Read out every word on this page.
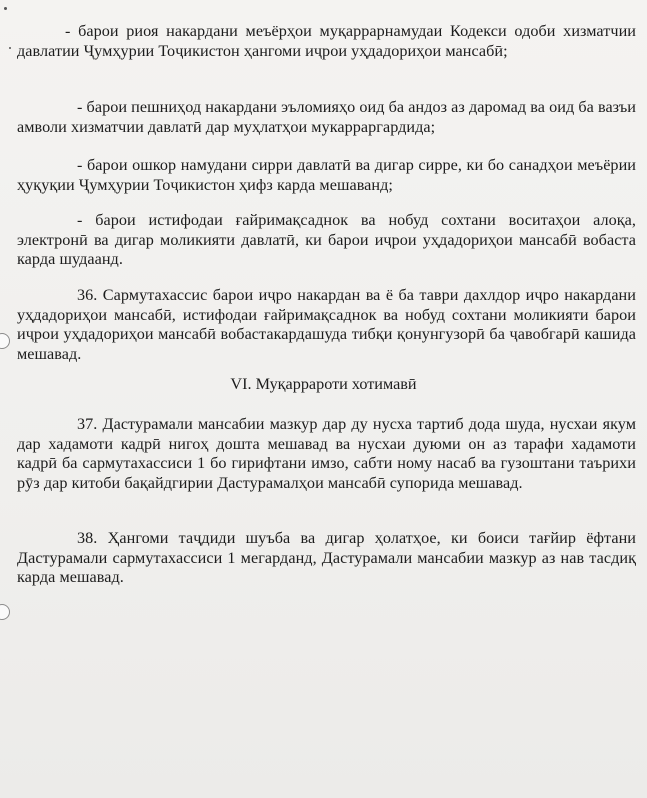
- барои риоя накардани меъёрҳои муқаррарнамудаи Кодекси одоби хизматчии давлатии Ҷумҳурии Тоҷикистон ҳангоми иҷрои уҳдадориҳои мансабӣ;
- барои пешниҳод накардани эъломияҳо оид ба андоз аз даромад ва оид ба вазъи амволи хизматчии давлатӣ дар муҳлатҳои мукарраргардида;
- барои ошкор намудани сирри давлатӣ ва дигар сирре, ки бо санадҳои меъёрии ҳуқуқии Ҷумҳурии Тоҷикистон ҳифз карда мешаванд;
- барои истифодаи ғайримақсаднок ва нобуд сохтани воситаҳои алоқа, электронӣ ва дигар моликияти давлатӣ, ки барои иҷрои уҳдадориҳои мансабӣ вобаста карда шудаанд.
36. Сармутахассис барои иҷро накардан ва ё ба таври дахлдор иҷро накардани уҳдадориҳои мансабӣ, истифодаи ғайримақсаднок ва нобуд сохтани моликияти барои иҷрои уҳдадориҳои мансабӣ вобастакардашуда тибқи қонунгузорӣ ба ҷавобгарӣ кашида мешавад.
VI. Муқаррароти хотимавӣ
37. Дастурамали мансабии мазкур дар ду нусха тартиб дода шуда, нусхаи якум дар хадамоти кадрӣ нигоҳ дошта мешавад ва нусхаи дуюми он аз тарафи хадамоти кадрӣ ба сармутахассиси 1 бо гирифтани имзо, сабти ному насаб ва гузоштани таърихи рӯз дар китоби бақайдгирии Дастурамалҳои мансабӣ супорида мешавад.
38. Ҳангоми таҷдиди шуъба ва дигар ҳолатҳое, ки боиси тағйир ёфтани Дастурамали сармутахассиси 1 мегарданд, Дастурамали мансабии мазкур аз нав тасдиқ карда мешавад.
